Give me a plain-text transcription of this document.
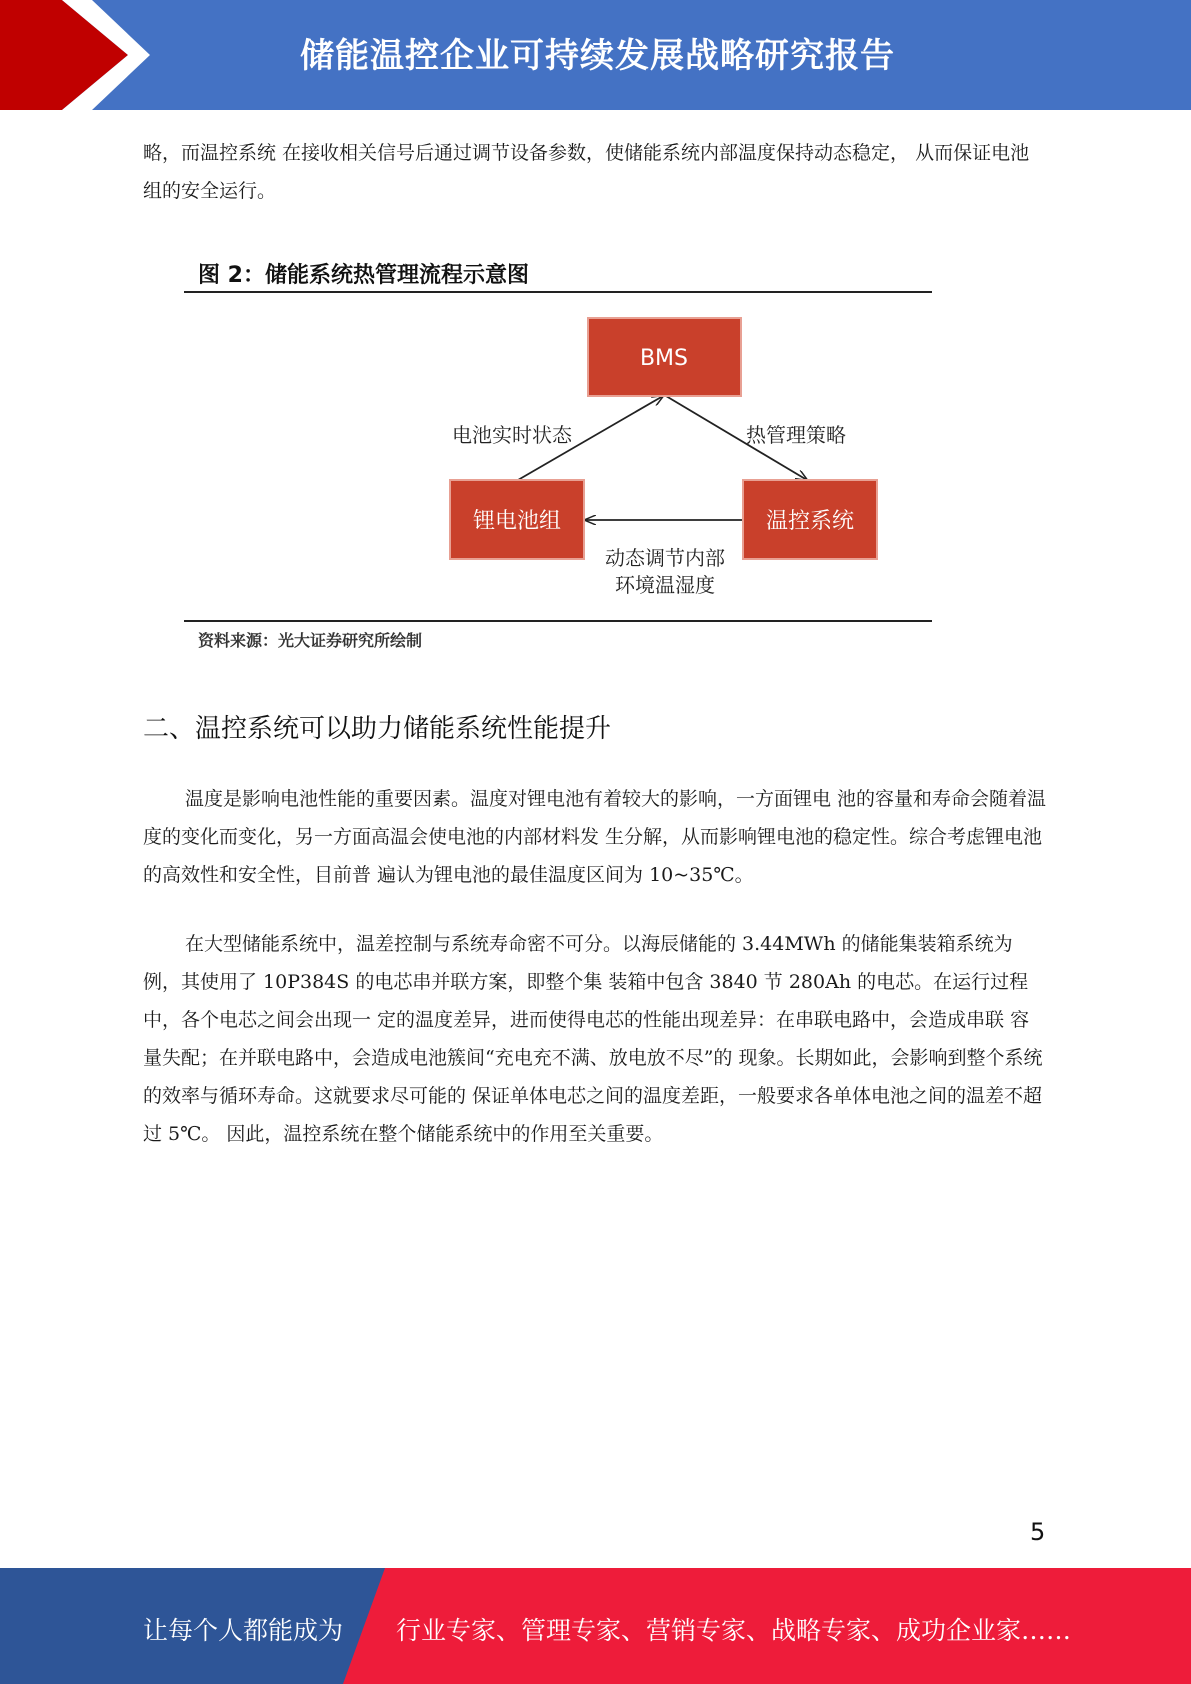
储能温控企业可持续发展战略研究报告

略，而温控系统 在接收相关信号后通过调节设备参数，使储能系统内部温度保持动态稳定， 从而保证电池组的安全运行。

图 2：储能系统热管理流程示意图
BMS
锂电池组	温控系统
电池实时状态	热管理策略
动态调节内部
环境温湿度
资料来源：光大证券研究所绘制
二、温控系统可以助力储能系统性能提升

温度是影响电池性能的重要因素。温度对锂电池有着较大的影响，一方面锂电 池的容量和寿命会随着温度的变化而变化，另一方面高温会使电池的内部材料发 生分解，从而影响锂电池的稳定性。综合考虑锂电池的高效性和安全性，目前普 遍认为锂电池的最佳温度区间为 10~35℃。

在大型储能系统中，温差控制与系统寿命密不可分。以海辰储能的 3.44MWh 的储能集装箱系统为例，其使用了 10P384S 的电芯串并联方案，即整个集 装箱中包含 3840 节 280Ah 的电芯。在运行过程中，各个电芯之间会出现一 定的温度差异，进而使得电芯的性能出现差异：在串联电路中，会造成串联 容量失配；在并联电路中，会造成电池簇间“充电充不满、放电放不尽”的 现象。长期如此，会影响到整个系统的效率与循环寿命。这就要求尽可能的 保证单体电芯之间的温度差距，一般要求各单体电池之间的温差不超过 5℃。 因此，温控系统在整个储能系统中的作用至关重要。

5
让每个人都能成为 行业专家、管理专家、营销专家、战略专家、成功企业家……
